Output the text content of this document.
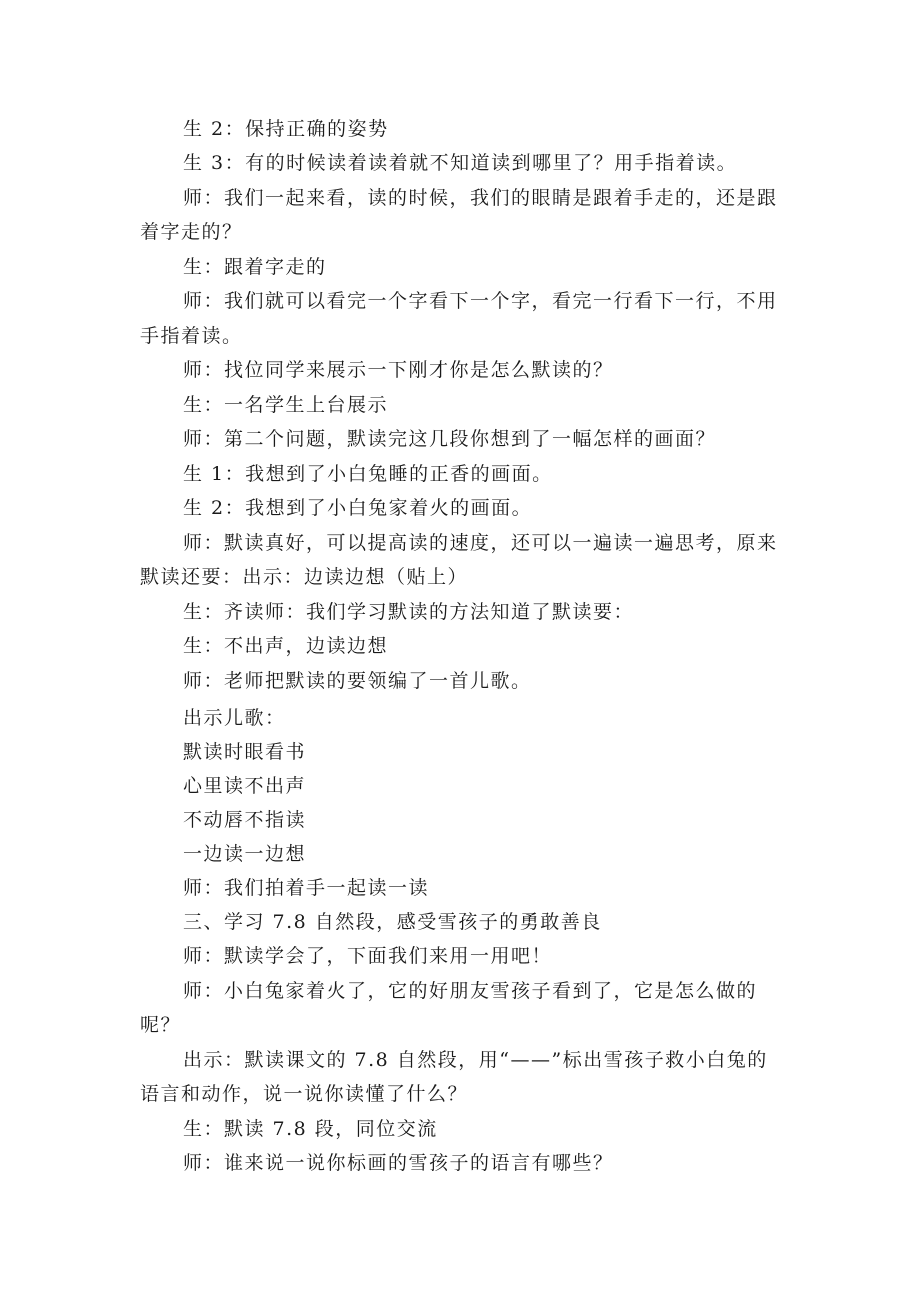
生 2：保持正确的姿势
生 3：有的时候读着读着就不知道读到哪里了？用手指着读。
师：我们一起来看，读的时候，我们的眼睛是跟着手走的，还是跟
着字走的？
生：跟着字走的
师：我们就可以看完一个字看下一个字，看完一行看下一行，不用
手指着读。
师：找位同学来展示一下刚才你是怎么默读的？
生：一名学生上台展示
师：第二个问题，默读完这几段你想到了一幅怎样的画面？
生 1：我想到了小白兔睡的正香的画面。
生 2：我想到了小白兔家着火的画面。
师：默读真好，可以提高读的速度，还可以一遍读一遍思考，原来
默读还要：出示：边读边想（贴上）
生：齐读师：我们学习默读的方法知道了默读要：
生：不出声，边读边想
师：老师把默读的要领编了一首儿歌。
出示儿歌：
默读时眼看书
心里读不出声
不动唇不指读
一边读一边想
师：我们拍着手一起读一读
三、学习 7.8 自然段，感受雪孩子的勇敢善良
师：默读学会了，下面我们来用一用吧！
师：小白兔家着火了，它的好朋友雪孩子看到了，它是怎么做的
呢？
出示：默读课文的 7.8 自然段，用“——”标出雪孩子救小白兔的
语言和动作，说一说你读懂了什么？
生：默读 7.8 段，同位交流
师：谁来说一说你标画的雪孩子的语言有哪些？
